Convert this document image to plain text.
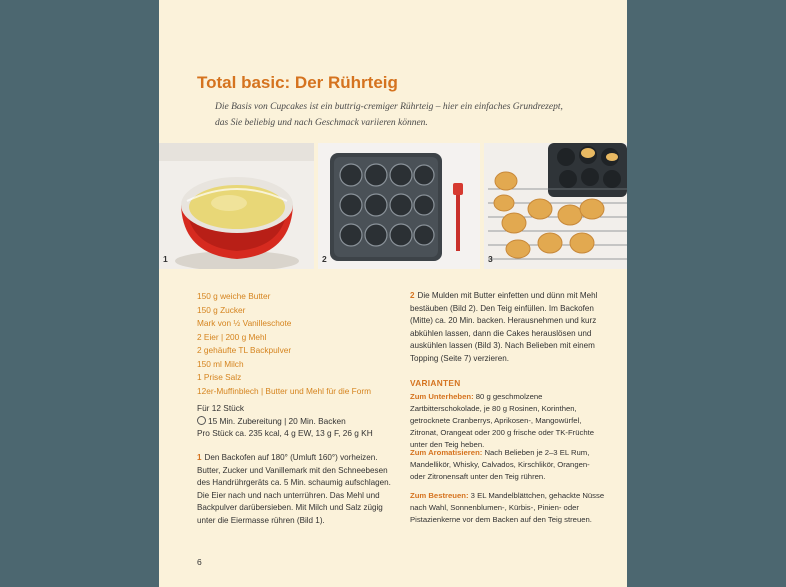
Total basic: Der Rührteig

Die Basis von Cupcakes ist ein buttrig-cremiger Rührteig – hier ein einfaches Grundrezept, das Sie beliebig und nach Geschmack variieren können.

1	2	3
150 g weiche Butter
150 g Zucker
Mark von ½ Vanilleschote
2 Eier | 200 g Mehl
2 gehäufte TL Backpulver
150 ml Milch
1 Prise Salz
12er-Muffinblech | Butter und Mehl für die Form
Für 12 Stück
15 Min. Zubereitung | 20 Min. Backen
Pro Stück ca. 235 kcal, 4 g EW, 13 g F, 26 g KH

1 Den Backofen auf 180° (Umluft 160°) vorheizen. Butter, Zucker und Vanillemark mit den Schneebesen des Handrührgeräts ca. 5 Min. schaumig aufschlagen. Die Eier nach und nach unterrühren. Das Mehl und Backpulver darübersieben. Mit Milch und Salz zügig unter die Eiermasse rühren (Bild 1).

2 Die Mulden mit Butter einfetten und dünn mit Mehl bestäuben (Bild 2). Den Teig einfüllen. Im Backofen (Mitte) ca. 20 Min. backen. Herausnehmen und kurz abkühlen lassen, dann die Cakes herauslösen und auskühlen lassen (Bild 3). Nach Belieben mit einem Topping (Seite 7) verzieren.

VARIANTEN

Zum Unterheben: 80 g geschmolzene Zartbitterschokolade, je 80 g Rosinen, Korinthen, getrocknete Cranberrys, Aprikosen-, Mangowürfel, Zitronat, Orangeat oder 200 g frische oder TK-Früchte unter den Teig heben.

Zum Aromatisieren: Nach Belieben je 2–3 EL Rum, Mandellikör, Whisky, Calvados, Kirschlikör, Orangen- oder Zitronensaft unter den Teig rühren.

Zum Bestreuen: 3 EL Mandelblättchen, gehackte Nüsse nach Wahl, Sonnenblumen-, Kürbis-, Pinien- oder Pistazienkerne vor dem Backen auf den Teig streuen.

6
